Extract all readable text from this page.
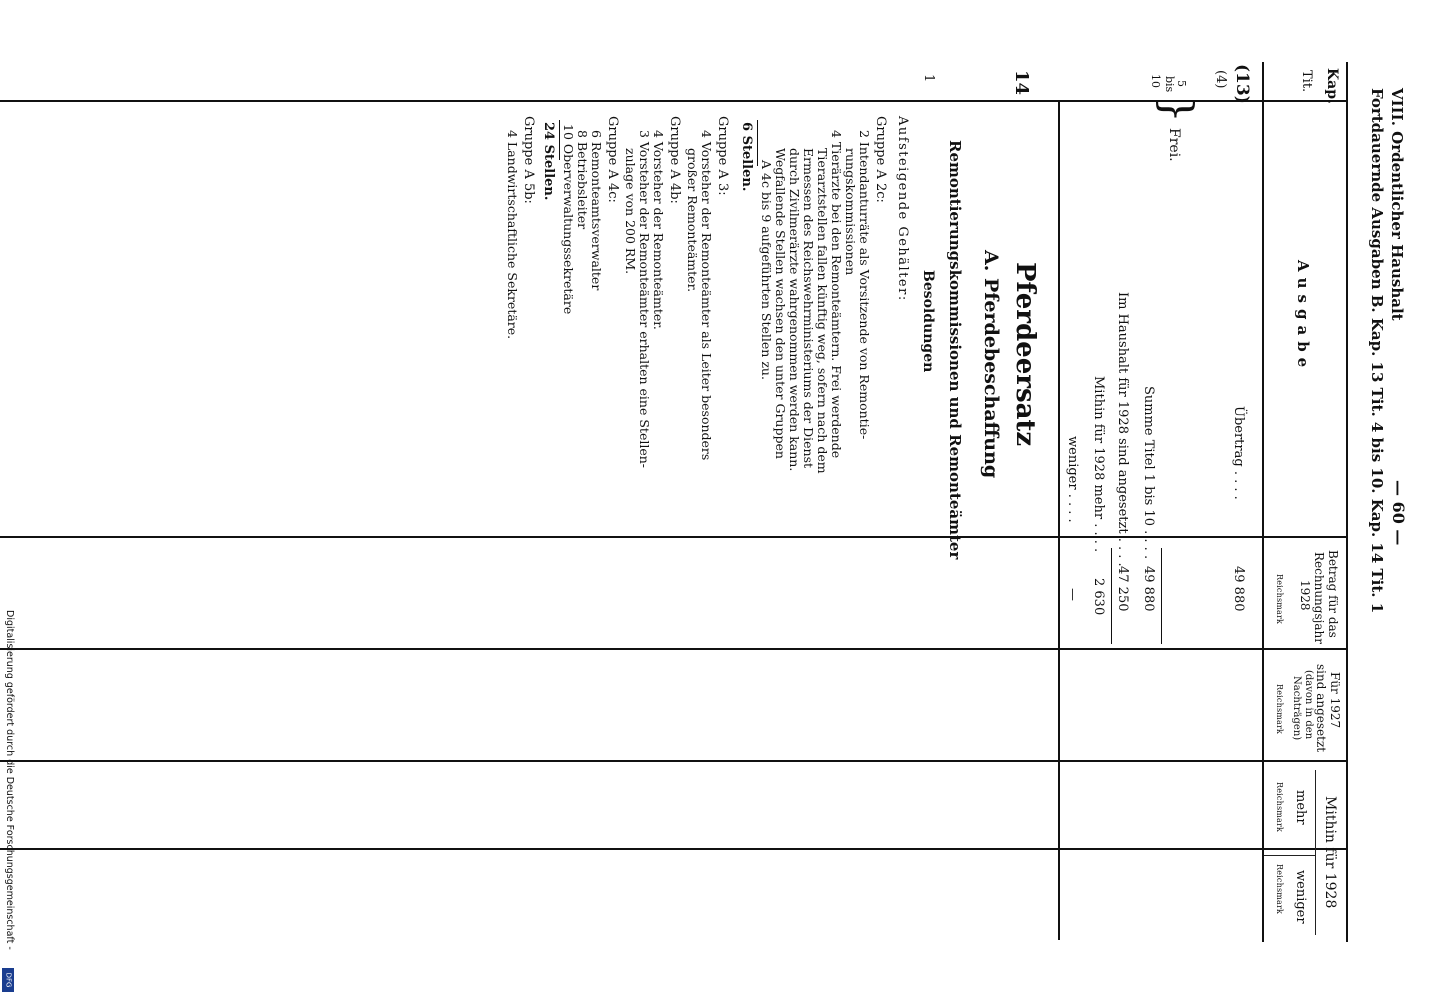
VIII. Ordentlicher Haushalt
— 60 —
Fortdauernde Ausgaben B. Kap. 13 Tit. 4 bis 10. Kap. 14 Tit. 1
Kap.
Tit.
Ausgabe
Betrag für das
Rechnungsjahr
1928
Reichsmark
Für 1927
sind angesetzt
(davon in den
Nachträgen)
Reichsmark
Mithin für 1928
mehr
Reichsmark
weniger
Reichsmark
(13)
(4)
Übertrag . . . .
49 880
5
bis
10
}
Frei.
Summe Titel 1 bis 10 . . . .
49 880
Im Haushalt für 1928 sind angesetzt . . . .
47 250
Mithin für 1928 mehr . . . .
2 630
weniger . . . .
—
14
Pferdeersatz
A. Pferdebeschaffung
Remontierungskommissionen und Remonteämter
1
Besoldungen
Aufsteigende Gehälter:
Gruppe A 2c:
2 Intendanturräte als Vorsitzende von Remontie-
rungskommissionen
4 Tierärzte bei den Remonteämtern. Frei werdende
Tierarztstellen fallen künftig weg, sofern nach dem
Ermessen des Reichswehrministeriums der Dienst
durch Zivilmerärzte wahrgenommen werden kann.
Wegfallende Stellen wachsen den unter Gruppen
A 4c bis 9 aufgeführten Stellen zu.
6 Stellen.
Gruppe A 3:
4 Vorsteher der Remonteämter als Leiter besonders
großer Remonteämter.
Gruppe A 4b:
4 Vorsteher der Remonteämter.
3 Vorsteher der Remonteämter erhalten eine Stellen-
zulage von 200 RM.
Gruppe A 4c:
6 Remonteamtsverwalter
8 Betriebsleiter
10 Oberverwaltungssekretäre
24 Stellen.
Gruppe A 5b:
4 Landwirtschaftliche Sekretäre.
Digitalisierung gefördert durch die Deutsche Forschungsgemeinschaft -
DFG
